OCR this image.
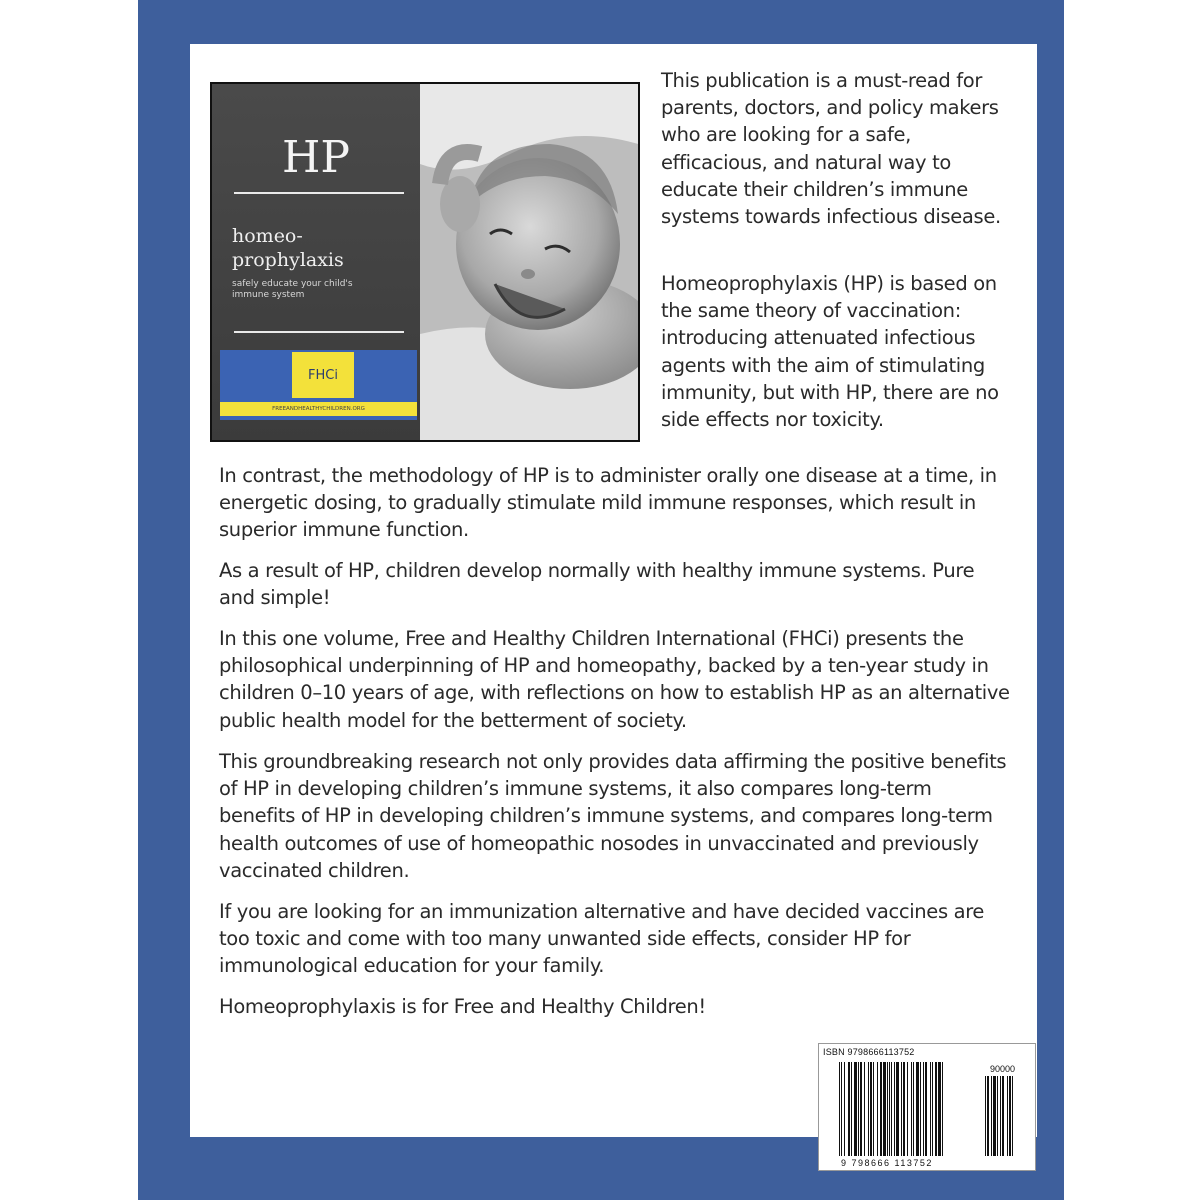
HP
homeo-
prophylaxis
safely educate your child's
immune system
FHCi
FREEANDHEALTHYCHILDREN.ORG

This publication is a must-read for parents, doctors, and policy makers who are looking for a safe, efficacious, and natural way to educate their children’s immune systems towards infectious disease.

Homeoprophylaxis (HP) is based on the same theory of vaccination: introducing attenuated infectious agents with the aim of stimulating immunity, but with HP, there are no side effects nor toxicity.

In contrast, the methodology of HP is to administer orally one disease at a time, in energetic dosing, to gradually stimulate mild immune responses, which result in superior immune function.

As a result of HP, children develop normally with healthy immune systems. Pure and simple!

In this one volume, Free and Healthy Children International (FHCi) presents the philosophical underpinning of HP and homeopathy, backed by a ten-year study in children 0–10 years of age, with reflections on how to establish HP as an alternative public health model for the betterment of society.

This groundbreaking research not only provides data affirming the positive benefits of HP in developing children’s immune systems, it also compares long-term benefits of HP in developing children’s immune systems, and compares long-term health outcomes of use of homeopathic nosodes in unvaccinated and previously vaccinated children.

If you are looking for an immunization alternative and have decided vaccines are too toxic and come with too many unwanted side effects, consider HP for immunological education for your family.

Homeoprophylaxis is for Free and Healthy Children!

ISBN 9798666113752
90000
9 798666 113752
